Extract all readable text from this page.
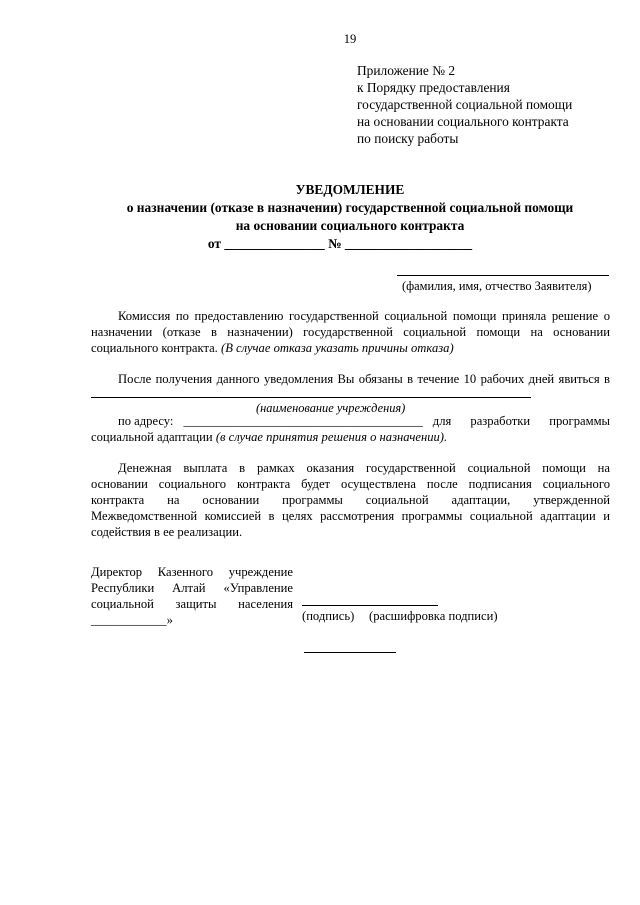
19
Приложение № 2
к Порядку предоставления
государственной социальной помощи
на основании социального контракта
по поиску работы
УВЕДОМЛЕНИЕ
о назначении (отказе в назначении) государственной социальной помощи
на основании социального контракта
от _______________ № ___________________
(фамилия, имя, отчество Заявителя)
Комиссия по предоставлению государственной социальной помощи приняла решение о
назначении (отказе в назначении) государственной социальной помощи на основании
социального контракта. (В случае отказа указать причины отказа)
После получения данного уведомления Вы обязаны в течение 10 рабочих дней явиться в
(наименование учреждения)
по адресу: ______________________________________ для разработки программы
социальной адаптации (в случае принятия решения о назначении).
Денежная выплата в рамках оказания государственной социальной помощи на
основании социального контракта будет осуществлена после подписания социального
контракта на основании программы социальной адаптации, утвержденной
Межведомственной комиссией в целях рассмотрения программы социальной адаптации и
содействия в ее реализации.
Директор Казенного учреждение
Республики Алтай «Управление
социальной защиты населения
____________»	(подпись) (расшифровка подписи)
